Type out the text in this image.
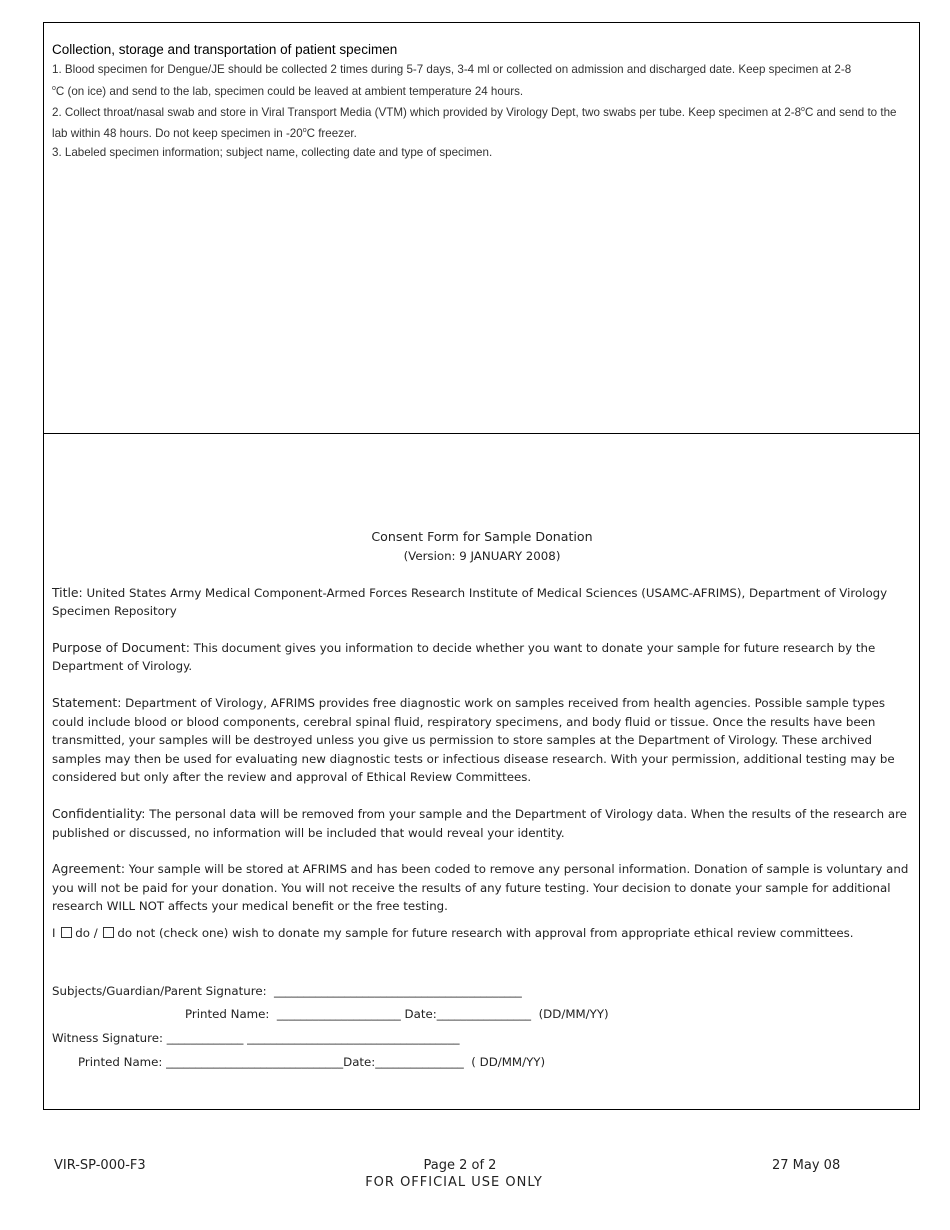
Collection, storage and transportation of patient specimen

1. Blood specimen for Dengue/JE should be collected 2 times during 5-7 days, 3-4 ml or collected on admission and discharged date. Keep specimen at 2-8
$^o$C (on ice) and send to the lab, specimen could be leaved at ambient temperature 24 hours.

2. Collect throat/nasal swab and store in Viral Transport Media (VTM) which provided by Virology Dept, two swabs per tube. Keep specimen at 2-8$^o$C and send to the lab within 48 hours. Do not keep specimen in -20$^o$C freezer.

3. Labeled specimen information; subject name, collecting date and type of specimen.

Consent Form for Sample Donation

(Version: 9 JANUARY 2008)

Title: United States Army Medical Component-Armed Forces Research Institute of Medical Sciences (USAMC-AFRIMS), Department of Virology Specimen Repository

Purpose of Document: This document gives you information to decide whether you want to donate your sample for future research by the Department of Virology.

Statement: Department of Virology, AFRIMS provides free diagnostic work on samples received from health agencies. Possible sample types could include blood or blood components, cerebral spinal fluid, respiratory specimens, and body fluid or tissue. Once the results have been transmitted, your samples will be destroyed unless you give us permission to store samples at the Department of Virology. These archived samples may then be used for evaluating new diagnostic tests or infectious disease research. With your permission, additional testing may be considered but only after the review and approval of Ethical Review Committees.

Confidentiality: The personal data will be removed from your sample and the Department of Virology data. When the results of the research are published or discussed, no information will be included that would reveal your identity.

Agreement: Your sample will be stored at AFRIMS and has been coded to remove any personal information. Donation of sample is voluntary and you will not be paid for your donation. You will not receive the results of any future testing. Your decision to donate your sample for additional research WILL NOT affects your medical benefit or the free testing.

I do / do not (check one) wish to donate my sample for future research with approval from appropriate ethical review committees.

Subjects/Guardian/Parent Signature:  __________________________________________
Printed Name:  _____________________ Date:________________  (DD/MM/YY)
Witness Signature: _____________ ____________________________________
Printed Name: ______________________________Date:_______________  ( DD/MM/YY)
VIR-SP-000-F3	Page 2 of 2
FOR OFFICIAL USE ONLY
27 May 08
